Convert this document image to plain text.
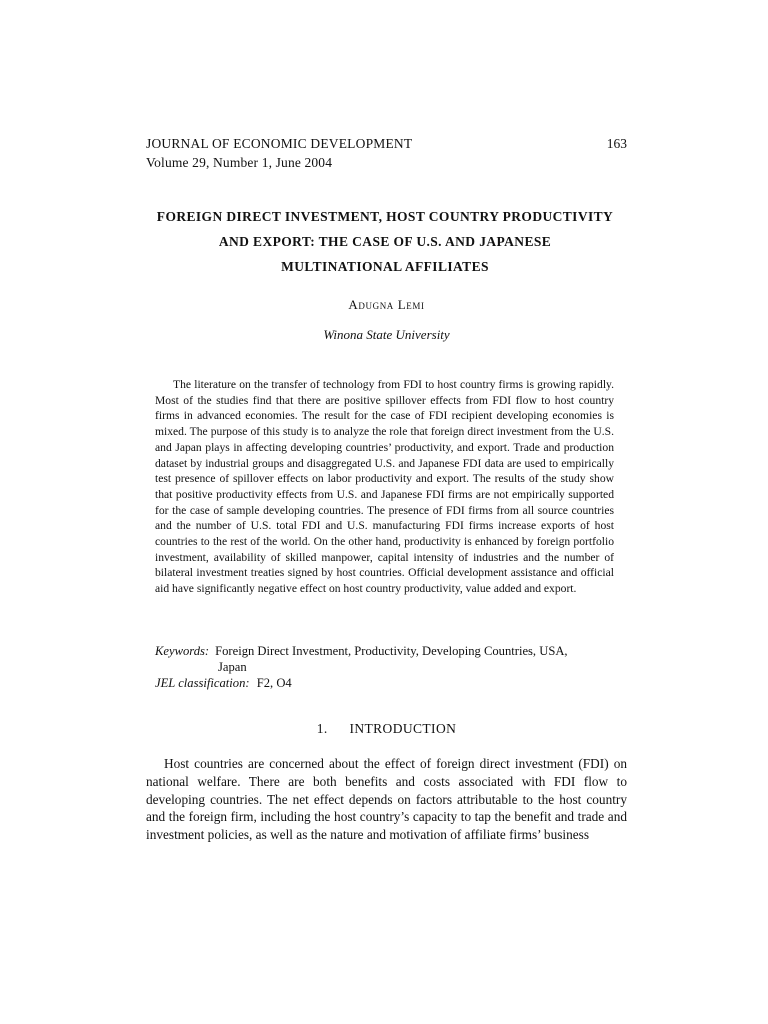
JOURNAL OF ECONOMIC DEVELOPMENT	163
Volume 29, Number 1, June 2004
FOREIGN DIRECT INVESTMENT, HOST COUNTRY PRODUCTIVITY
AND EXPORT: THE CASE OF U.S. AND JAPANESE
MULTINATIONAL AFFILIATES
Adugna Lemi
Winona State University

The literature on the transfer of technology from FDI to host country firms is growing rapidly. Most of the studies find that there are positive spillover effects from FDI flow to host country firms in advanced economies. The result for the case of FDI recipient developing economies is mixed. The purpose of this study is to analyze the role that foreign direct investment from the U.S. and Japan plays in affecting developing countries’ productivity, and export. Trade and production dataset by industrial groups and disaggregated U.S. and Japanese FDI data are used to empirically test presence of spillover effects on labor productivity and export. The results of the study show that positive productivity effects from U.S. and Japanese FDI firms are not empirically supported for the case of sample developing countries. The presence of FDI firms from all source countries and the number of U.S. total FDI and U.S. manufacturing FDI firms increase exports of host countries to the rest of the world. On the other hand, productivity is enhanced by foreign portfolio investment, availability of skilled manpower, capital intensity of industries and the number of bilateral investment treaties signed by host countries. Official development assistance and official aid have significantly negative effect on host country productivity, value added and export.

Keywords: Foreign Direct Investment, Productivity, Developing Countries, USA,
Japan
JEL classification: F2, O4
1. INTRODUCTION

Host countries are concerned about the effect of foreign direct investment (FDI) on national welfare. There are both benefits and costs associated with FDI flow to developing countries. The net effect depends on factors attributable to the host country and the foreign firm, including the host country’s capacity to tap the benefit and trade and investment policies, as well as the nature and motivation of affiliate firms’ business
